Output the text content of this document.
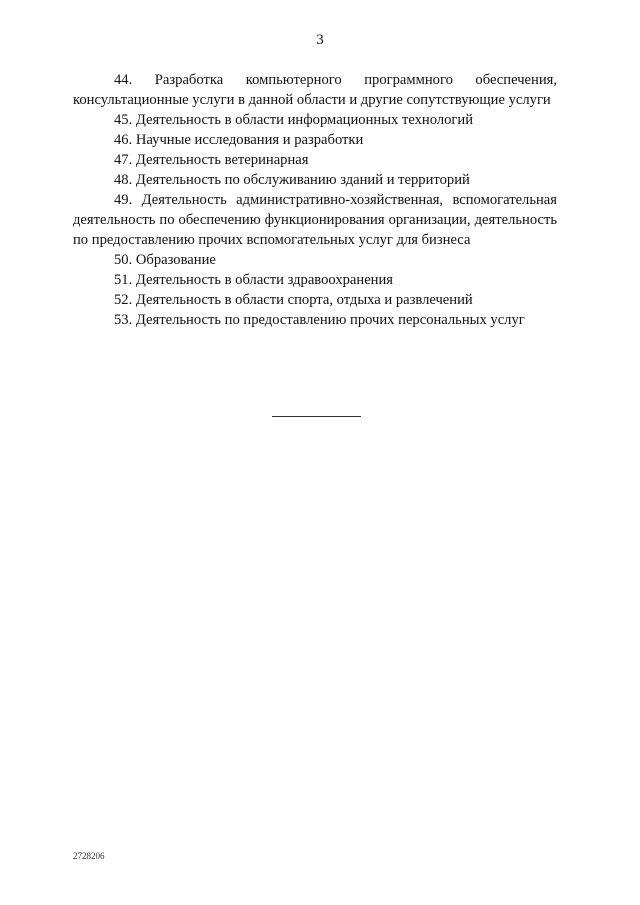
3

44. Разработка компьютерного программного обеспечения, консультационные услуги в данной области и другие сопутствующие услуги

45. Деятельность в области информационных технологий

46. Научные исследования и разработки

47. Деятельность ветеринарная

48. Деятельность по обслуживанию зданий и территорий

49. Деятельность административно-хозяйственная, вспомогательная деятельность по обеспечению функционирования организации, деятельность по предоставлению прочих вспомогательных услуг для бизнеса

50. Образование

51. Деятельность в области здравоохранения

52. Деятельность в области спорта, отдыха и развлечений

53. Деятельность по предоставлению прочих персональных услуг

2728206
